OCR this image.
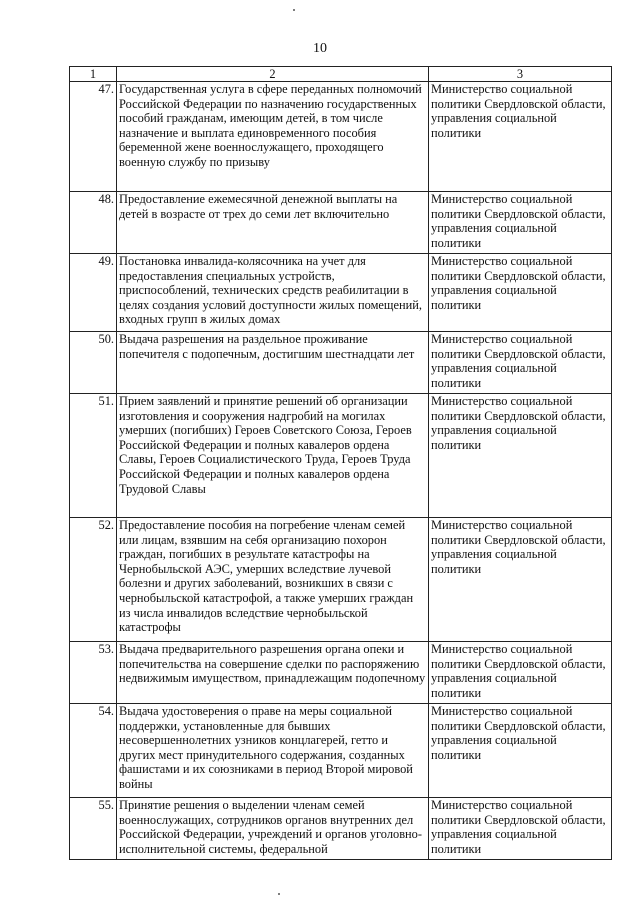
10
1	2	3
47.	Государственная услуга в сфере переданных полномочий Российской Федерации по назначению государственных пособий гражданам, имеющим детей, в том числе назначение и выплата единовременного пособия беременной жене военнослужащего, проходящего военную службу по призыву	Министерство социальной политики Свердловской области, управления социальной политики
48.	Предоставление ежемесячной денежной выплаты на детей в возрасте от трех до семи лет включительно	Министерство социальной политики Свердловской области, управления социальной политики
49.	Постановка инвалида-колясочника на учет для предоставления специальных устройств, приспособлений, технических средств реабилитации в целях создания условий доступности жилых помещений, входных групп в жилых домах	Министерство социальной политики Свердловской области, управления социальной политики
50.	Выдача разрешения на раздельное проживание попечителя с подопечным, достигшим шестнадцати лет	Министерство социальной политики Свердловской области, управления социальной политики
51.	Прием заявлений и принятие решений об организации изготовления и сооружения надгробий на могилах умерших (погибших) Героев Советского Союза, Героев Российской Федерации и полных кавалеров ордена Славы, Героев Социалистического Труда, Героев Труда Российской Федерации и полных кавалеров ордена Трудовой Славы	Министерство социальной политики Свердловской области, управления социальной политики
52.	Предоставление пособия на погребение членам семей или лицам, взявшим на себя организацию похорон граждан, погибших в результате катастрофы на Чернобыльской АЭС, умерших вследствие лучевой болезни и других заболеваний, возникших в связи с чернобыльской катастрофой, а также умерших граждан из числа инвалидов вследствие чернобыльской катастрофы	Министерство социальной политики Свердловской области, управления социальной политики
53.	Выдача предварительного разрешения органа опеки и попечительства на совершение сделки по распоряжению недвижимым имуществом, принадлежащим подопечному	Министерство социальной политики Свердловской области, управления социальной политики
54.	Выдача удостоверения о праве на меры социальной поддержки, установленные для бывших несовершеннолетних узников концлагерей, гетто и других мест принудительного содержания, созданных фашистами и их союзниками в период Второй мировой войны	Министерство социальной политики Свердловской области, управления социальной политики
55.	Принятие решения о выделении членам семей военнослужащих, сотрудников органов внутренних дел Российской Федерации, учреждений и органов уголовно-исполнительной системы, федеральной	Министерство социальной политики Свердловской области, управления социальной политики
